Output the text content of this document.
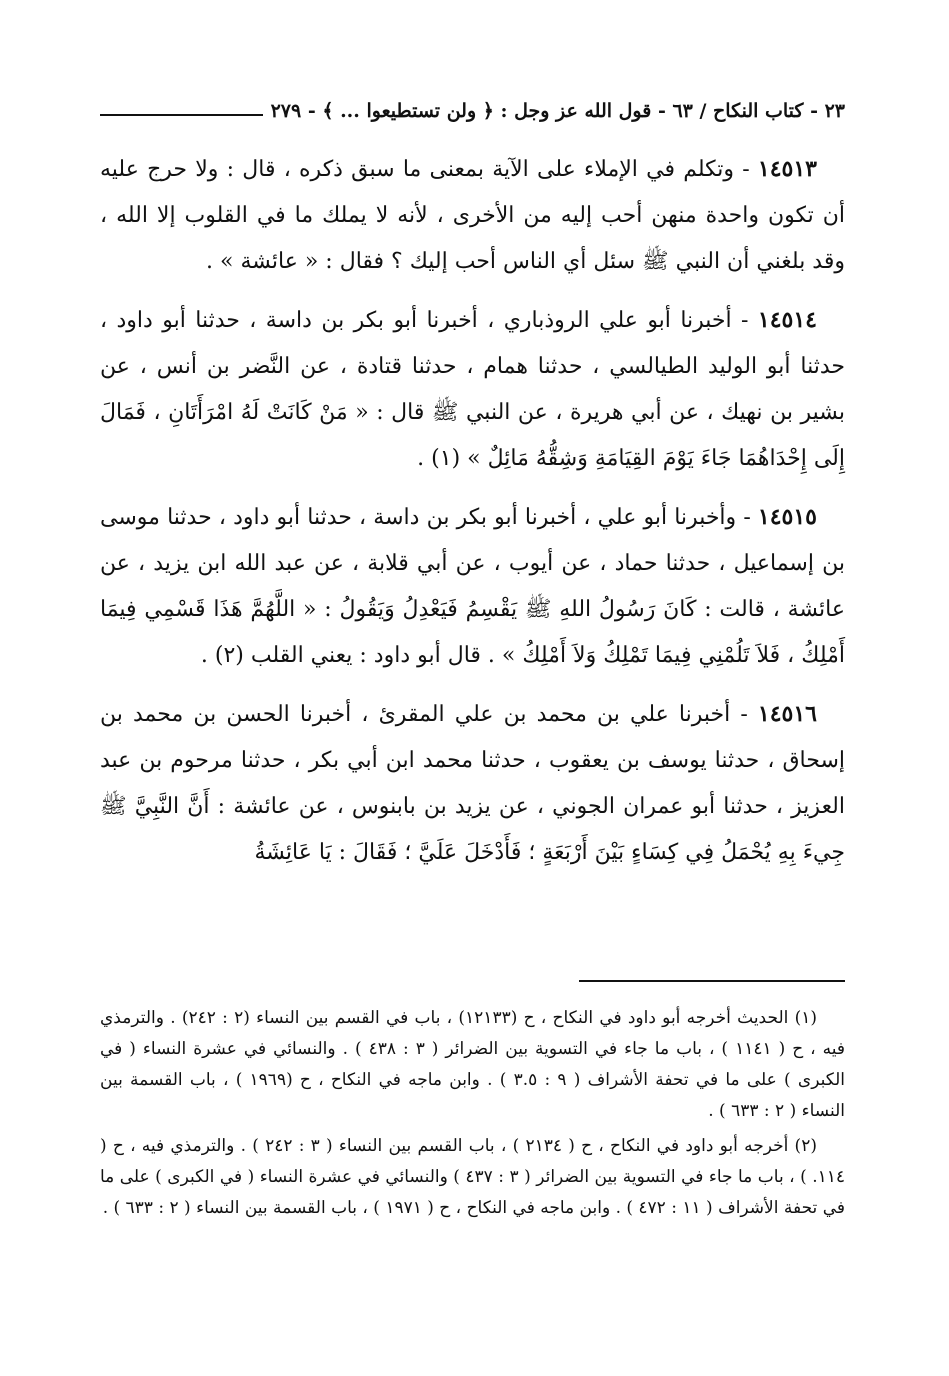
٢٣ - كتاب النكاح / ٦٣ - قول الله عز وجل : ﴿ ولن تستطيعوا ... ﴾ - ٢٧٩

١٤٥١٣ - وتكلم في الإملاء على الآية بمعنى ما سبق ذكره ، قال : ولا حرج عليه أن تكون واحدة منهن أحب إليه من الأخرى ، لأنه لا يملك ما في القلوب إلا الله ، وقد بلغني أن النبي ﷺ سئل أي الناس أحب إليك ؟ فقال : « عائشة » .

١٤٥١٤ - أخبرنا أبو علي الروذباري ، أخبرنا أبو بكر بن داسة ، حدثنا أبو داود ، حدثنا أبو الوليد الطيالسي ، حدثنا همام ، حدثنا قتادة ، عن النَّضر بن أنس ، عن بشير بن نهيك ، عن أبي هريرة ، عن النبي ﷺ قال : « مَنْ كَانَتْ لَهُ امْرَأَتَانِ ، فَمَالَ إِلَى إِحْدَاهُمَا جَاءَ يَوْمَ القِيَامَةِ وَشِقُّهُ مَائِلٌ » (١) .

١٤٥١٥ - وأخبرنا أبو علي ، أخبرنا أبو بكر بن داسة ، حدثنا أبو داود ، حدثنا موسى بن إسماعيل ، حدثنا حماد ، عن أيوب ، عن أبي قلابة ، عن عبد الله ابن يزيد ، عن عائشة ، قالت : كَانَ رَسُولُ اللهِ ﷺ يَقْسِمُ فَيَعْدِلُ وَيَقُولُ : « اللَّهُمَّ هَذَا قَسْمِي فِيمَا أَمْلِكُ ، فَلاَ تَلُمْنِي فِيمَا تَمْلِكُ وَلاَ أَمْلِكُ » . قال أبو داود : يعني القلب (٢) .

١٤٥١٦ - أخبرنا علي بن محمد بن علي المقرئ ، أخبرنا الحسن بن محمد بن إسحاق ، حدثنا يوسف بن يعقوب ، حدثنا محمد ابن أبي بكر ، حدثنا مرحوم بن عبد العزيز ، حدثنا أبو عمران الجوني ، عن يزيد بن بابنوس ، عن عائشة : أَنَّ النَّبِيَّ ﷺ جِيءَ بِهِ يُحْمَلُ فِي كِسَاءٍ بَيْنَ أَرْبَعَةٍ ؛ فَأَدْخَلَ عَلَيَّ ؛ فَقَالَ : يَا عَائِشَةُ

(١) الحديث أخرجه أبو داود في النكاح ، ح (١٢١٣٣) ، باب في القسم بين النساء (٢ : ٢٤٢) . والترمذي فيه ، ح ( ١١٤١ ) ، باب ما جاء في التسوية بين الضرائر ( ٣ : ٤٣٨ ) . والنسائي في عشرة النساء ( في الكبرى ) على ما في تحفة الأشراف ( ٩ : ٣.٥ ) . وابن ماجه في النكاح ، ح (١٩٦٩ ) ، باب القسمة بين النساء ( ٢ : ٦٣٣ ) .

(٢) أخرجه أبو داود في النكاح ، ح ( ٢١٣٤ ) ، باب القسم بين النساء ( ٣ : ٢٤٢ ) . والترمذي فيه ، ح ( ١١٤. ) ، باب ما جاء في التسوية بين الضرائر ( ٣ : ٤٣٧ ) والنسائي في عشرة النساء ( في الكبرى ) على ما في تحفة الأشراف ( ١١ : ٤٧٢ ) . وابن ماجه في النكاح ، ح ( ١٩٧١ ) ، باب القسمة بين النساء ( ٢ : ٦٣٣ ) .
